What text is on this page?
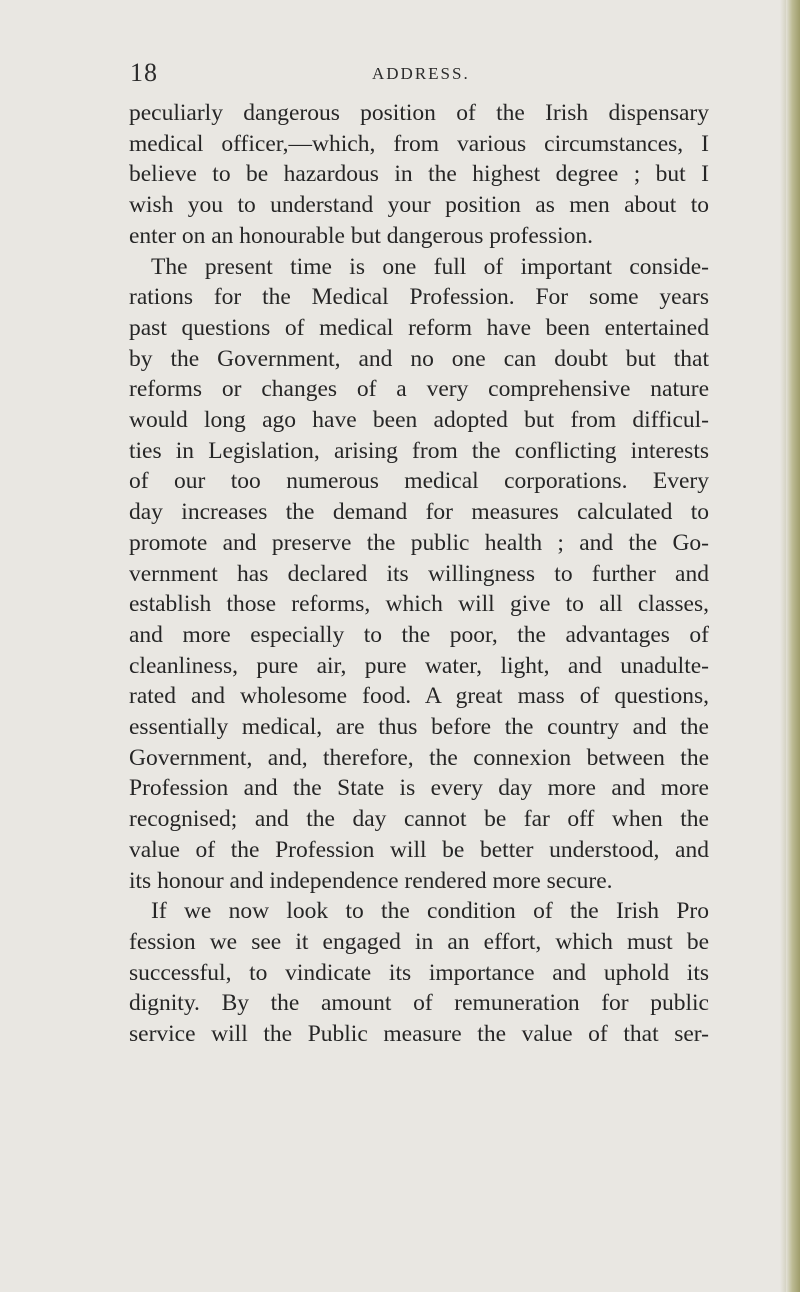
18	ADDRESS.
peculiarly dangerous position of the Irish dispensary
medical officer,—which, from various circumstances, I
believe to be hazardous in the highest degree ; but I
wish you to understand your position as men about to
enter on an honourable but dangerous profession.
The present time is one full of important conside-
rations for the Medical Profession. For some years
past questions of medical reform have been entertained
by the Government, and no one can doubt but that
reforms or changes of a very comprehensive nature
would long ago have been adopted but from difficul-
ties in Legislation, arising from the conflicting interests
of our too numerous medical corporations. Every
day increases the demand for measures calculated to
promote and preserve the public health ; and the Go-
vernment has declared its willingness to further and
establish those reforms, which will give to all classes,
and more especially to the poor, the advantages of
cleanliness, pure air, pure water, light, and unadulte-
rated and wholesome food. A great mass of questions,
essentially medical, are thus before the country and the
Government, and, therefore, the connexion between the
Profession and the State is every day more and more
recognised; and the day cannot be far off when the
value of the Profession will be better understood, and
its honour and independence rendered more secure.
If we now look to the condition of the Irish Pro
fession we see it engaged in an effort, which must be
successful, to vindicate its importance and uphold its
dignity. By the amount of remuneration for public
service will the Public measure the value of that ser-
